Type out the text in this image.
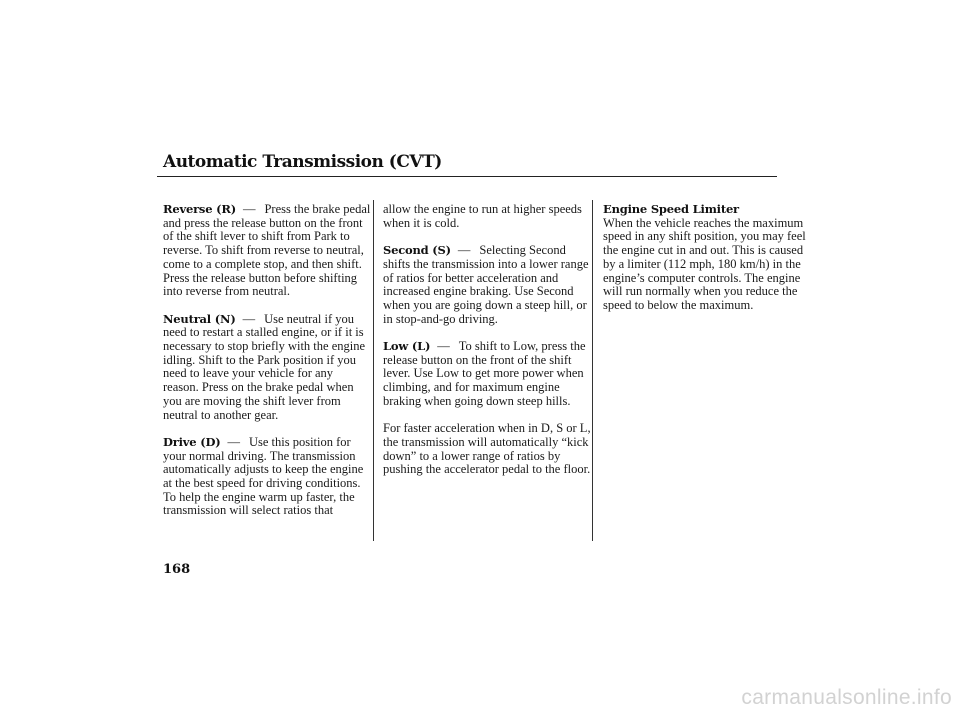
Automatic Transmission (CVT)

Reverse (R) — Press the brake pedal and press the release button on the front of the shift lever to shift from Park to reverse. To shift from reverse to neutral, come to a complete stop, and then shift. Press the release button before shifting into reverse from neutral.

Neutral (N) — Use neutral if you need to restart a stalled engine, or if it is necessary to stop briefly with the engine idling. Shift to the Park position if you need to leave your vehicle for any reason. Press on the brake pedal when you are moving the shift lever from neutral to another gear.

Drive (D) — Use this position for your normal driving. The transmission automatically adjusts to keep the engine at the best speed for driving conditions. To help the engine warm up faster, the transmission will select ratios that

allow the engine to run at higher speeds when it is cold.

Second (S) — Selecting Second shifts the transmission into a lower range of ratios for better acceleration and increased engine braking. Use Second when you are going down a steep hill, or in stop-and-go driving.

Low (L) — To shift to Low, press the release button on the front of the shift lever. Use Low to get more power when climbing, and for maximum engine braking when going down steep hills.

For faster acceleration when in D, S or L, the transmission will automatically “kick down” to a lower range of ratios by pushing the accelerator pedal to the floor.

Engine Speed Limiter

When the vehicle reaches the maximum speed in any shift position, you may feel the engine cut in and out. This is caused by a limiter (112 mph, 180 km/h) in the engine’s computer controls. The engine will run normally when you reduce the speed to below the maximum.

168
carmanualsonline.info
